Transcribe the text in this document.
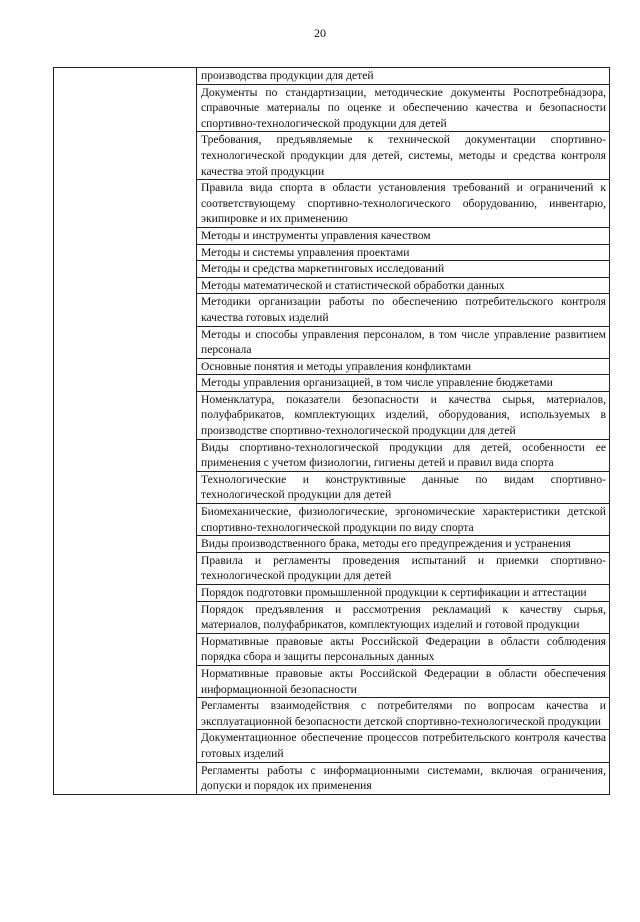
20
	производства продукции для детей
Документы по стандартизации, методические документы Роспотребнадзора, справочные материалы по оценке и обеспечению качества и безопасности спортивно-технологической продукции для детей
Требования, предъявляемые к технической документации спортивно-технологической продукции для детей, системы, методы и средства контроля качества этой продукции
Правила вида спорта в области установления требований и ограничений к соответствующему спортивно-технологического оборудованию, инвентарю, экипировке и их применению
Методы и инструменты управления качеством
Методы и системы управления проектами
Методы и средства маркетинговых исследований
Методы математической и статистической обработки данных
Методики организации работы по обеспечению потребительского контроля качества готовых изделий
Методы и способы управления персоналом, в том числе управление развитием персонала
Основные понятия и методы управления конфликтами
Методы управления организацией, в том числе управление бюджетами
Номенклатура, показатели безопасности и качества сырья, материалов, полуфабрикатов, комплектующих изделий, оборудования, используемых в производстве спортивно-технологической продукции для детей
Виды спортивно-технологической продукции для детей, особенности ее применения с учетом физиологии, гигиены детей и правил вида спорта
Технологические и конструктивные данные по видам спортивно-технологической продукции для детей
Биомеханические, физиологические, эргономические характеристики детской спортивно-технологической продукции по виду спорта
Виды производственного брака, методы его предупреждения и устранения
Правила и регламенты проведения испытаний и приемки спортивно-технологической продукции для детей
Порядок подготовки промышленной продукции к сертификации и аттестации
Порядок предъявления и рассмотрения рекламаций к качеству сырья, материалов, полуфабрикатов, комплектующих изделий и готовой продукции
Нормативные правовые акты Российской Федерации в области соблюдения порядка сбора и защиты персональных данных
Нормативные правовые акты Российской Федерации в области обеспечения информационной безопасности
Регламенты взаимодействия с потребителями по вопросам качества и эксплуатационной безопасности детской спортивно-технологической продукции
Документационное обеспечение процессов потребительского контроля качества готовых изделий
Регламенты работы с информационными системами, включая ограничения, допуски и порядок их применения
